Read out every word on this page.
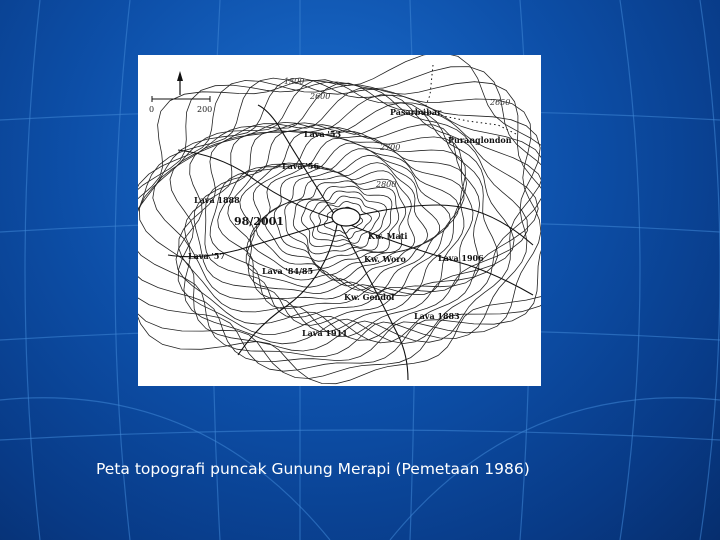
0	200
1500
2600
2650
2700
2800
Pasarbubar
Puranglondon
Lava '53
Lava '56
Lava 1888
98/2001
Kw. Mati
Lava '57	Kw. Woro	Lava 1906
Lava '84/85
Kw. Gendol
Lava 1883
Lava 1911
Peta topografi puncak Gunung Merapi (Pemetaan 1986)
